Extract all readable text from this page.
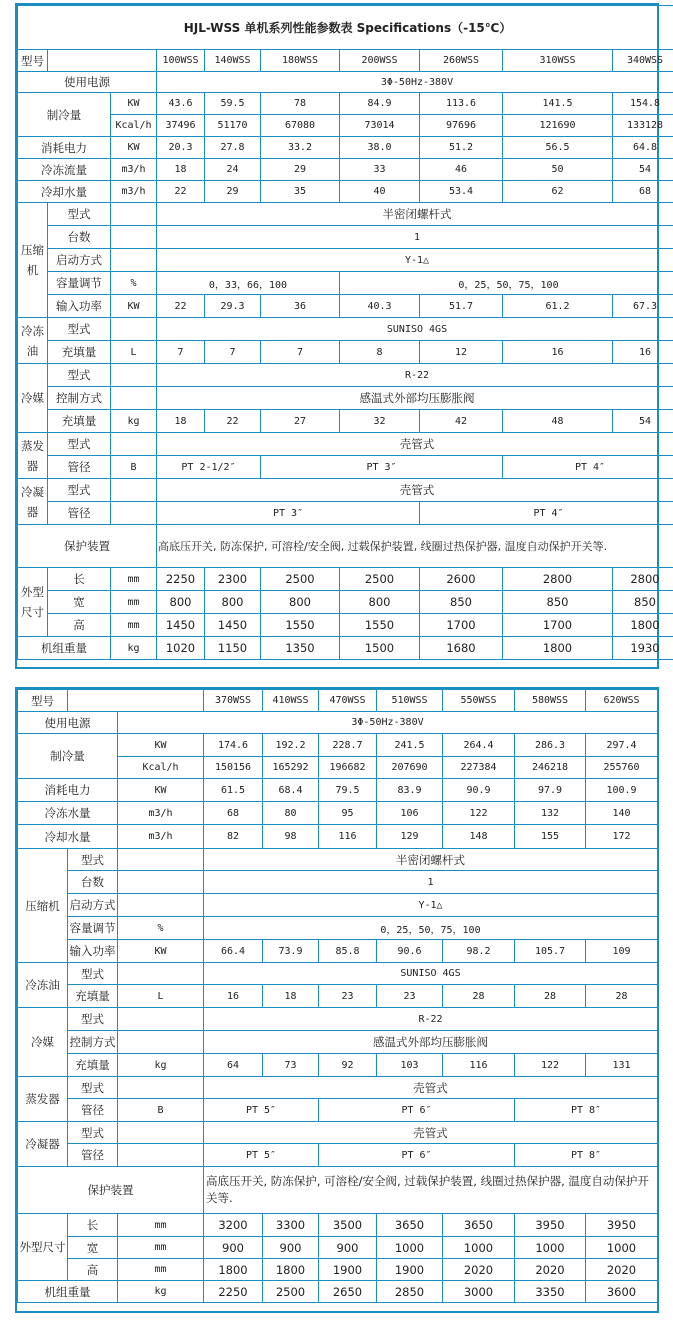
HJL-WSS 单机系列性能参数表 Specifications（-15℃）									
型号			100WSS	140WSS	180WSS	200WSS	260WSS	310WSS	340WSS
使用电源			3Φ-50Hz-380V						
制冷量		KW	43.6	59.5	78	84.9	113.6	141.5	154.8
		Kcal/h	37496	51170	67080	73014	97696	121690	133128
消耗电力		KW	20.3	27.8	33.2	38.0	51.2	56.5	64.8
冷冻流量		m3/h	18	24	29	33	46	50	54
冷却水量		m3/h	22	29	35	40	53.4	62	68
压缩机	型式		半密闭螺杆式						
	台数		1						
	启动方式		Y-1△						
	容量调节	%	0，33，66，100			0，25，50，75，100			
	输入功率	KW	22	29.3	36	40.3	51.7	61.2	67.3
冷冻油	型式		SUNISO 4GS						
	充填量	L	7	7	7	8	12	16	16
冷媒	型式		R-22						
	控制方式		感温式外部均压膨胀阀						
	充填量	kg	18	22	27	32	42	48	54
蒸发器	型式		壳管式						
	管径	B	PT 2-1/2″		PT 3″			PT 4″	
冷凝器	型式		壳管式						
	管径		PT 3″				PT 4″		
保护装置			高底压开关, 防冻保护, 可溶栓/安全阀, 过载保护装置, 线圈过热保护器, 温度自动保护开关等.						
外型尺寸	长	mm	2250	2300	2500	2500	2600	2800	2800
	宽	mm	800	800	800	800	850	850	850
	高	mm	1450	1450	1550	1550	1700	1700	1800
机组重量		kg	1020	1150	1350	1500	1680	1800	1930
型号			370WSS	410WSS	470WSS	510WSS	550WSS	580WSS	620WSS
使用电源		3Φ-50Hz-380V							
制冷量		KW	174.6	192.2	228.7	241.5	264.4	286.3	297.4
		Kcal/h	150156	165292	196682	207690	227384	246218	255760
消耗电力		KW	61.5	68.4	79.5	83.9	90.9	97.9	100.9
冷冻水量		m3/h	68	80	95	106	122	132	140
冷却水量		m3/h	82	98	116	129	148	155	172
压缩机	型式		半密闭螺杆式						
	台数		1						
	启动方式		Y-1△						
	容量调节	%	0，25，50，75，100						
	输入功率	KW	66.4	73.9	85.8	90.6	98.2	105.7	109
冷冻油	型式		SUNISO 4GS						
	充填量	L	16	18	23	23	28	28	28
冷媒	型式		R-22						
	控制方式		感温式外部均压膨胀阀						
	充填量	kg	64	73	92	103	116	122	131
蒸发器	型式		壳管式						
	管径	B	PT 5″		PT 6″			PT 8″	
冷凝器	型式		壳管式						
	管径		PT 5″		PT 6″			PT 8″	
保护装置			高底压开关, 防冻保护, 可溶栓/安全阀, 过载保护装置, 线圈过热保护器, 温度自动保护开关等.						
外型尺寸	长	mm	3200	3300	3500	3650	3650	3950	3950
	宽	mm	900	900	900	1000	1000	1000	1000
	高	mm	1800	1800	1900	1900	2020	2020	2020
机组重量		kg	2250	2500	2650	2850	3000	3350	3600
